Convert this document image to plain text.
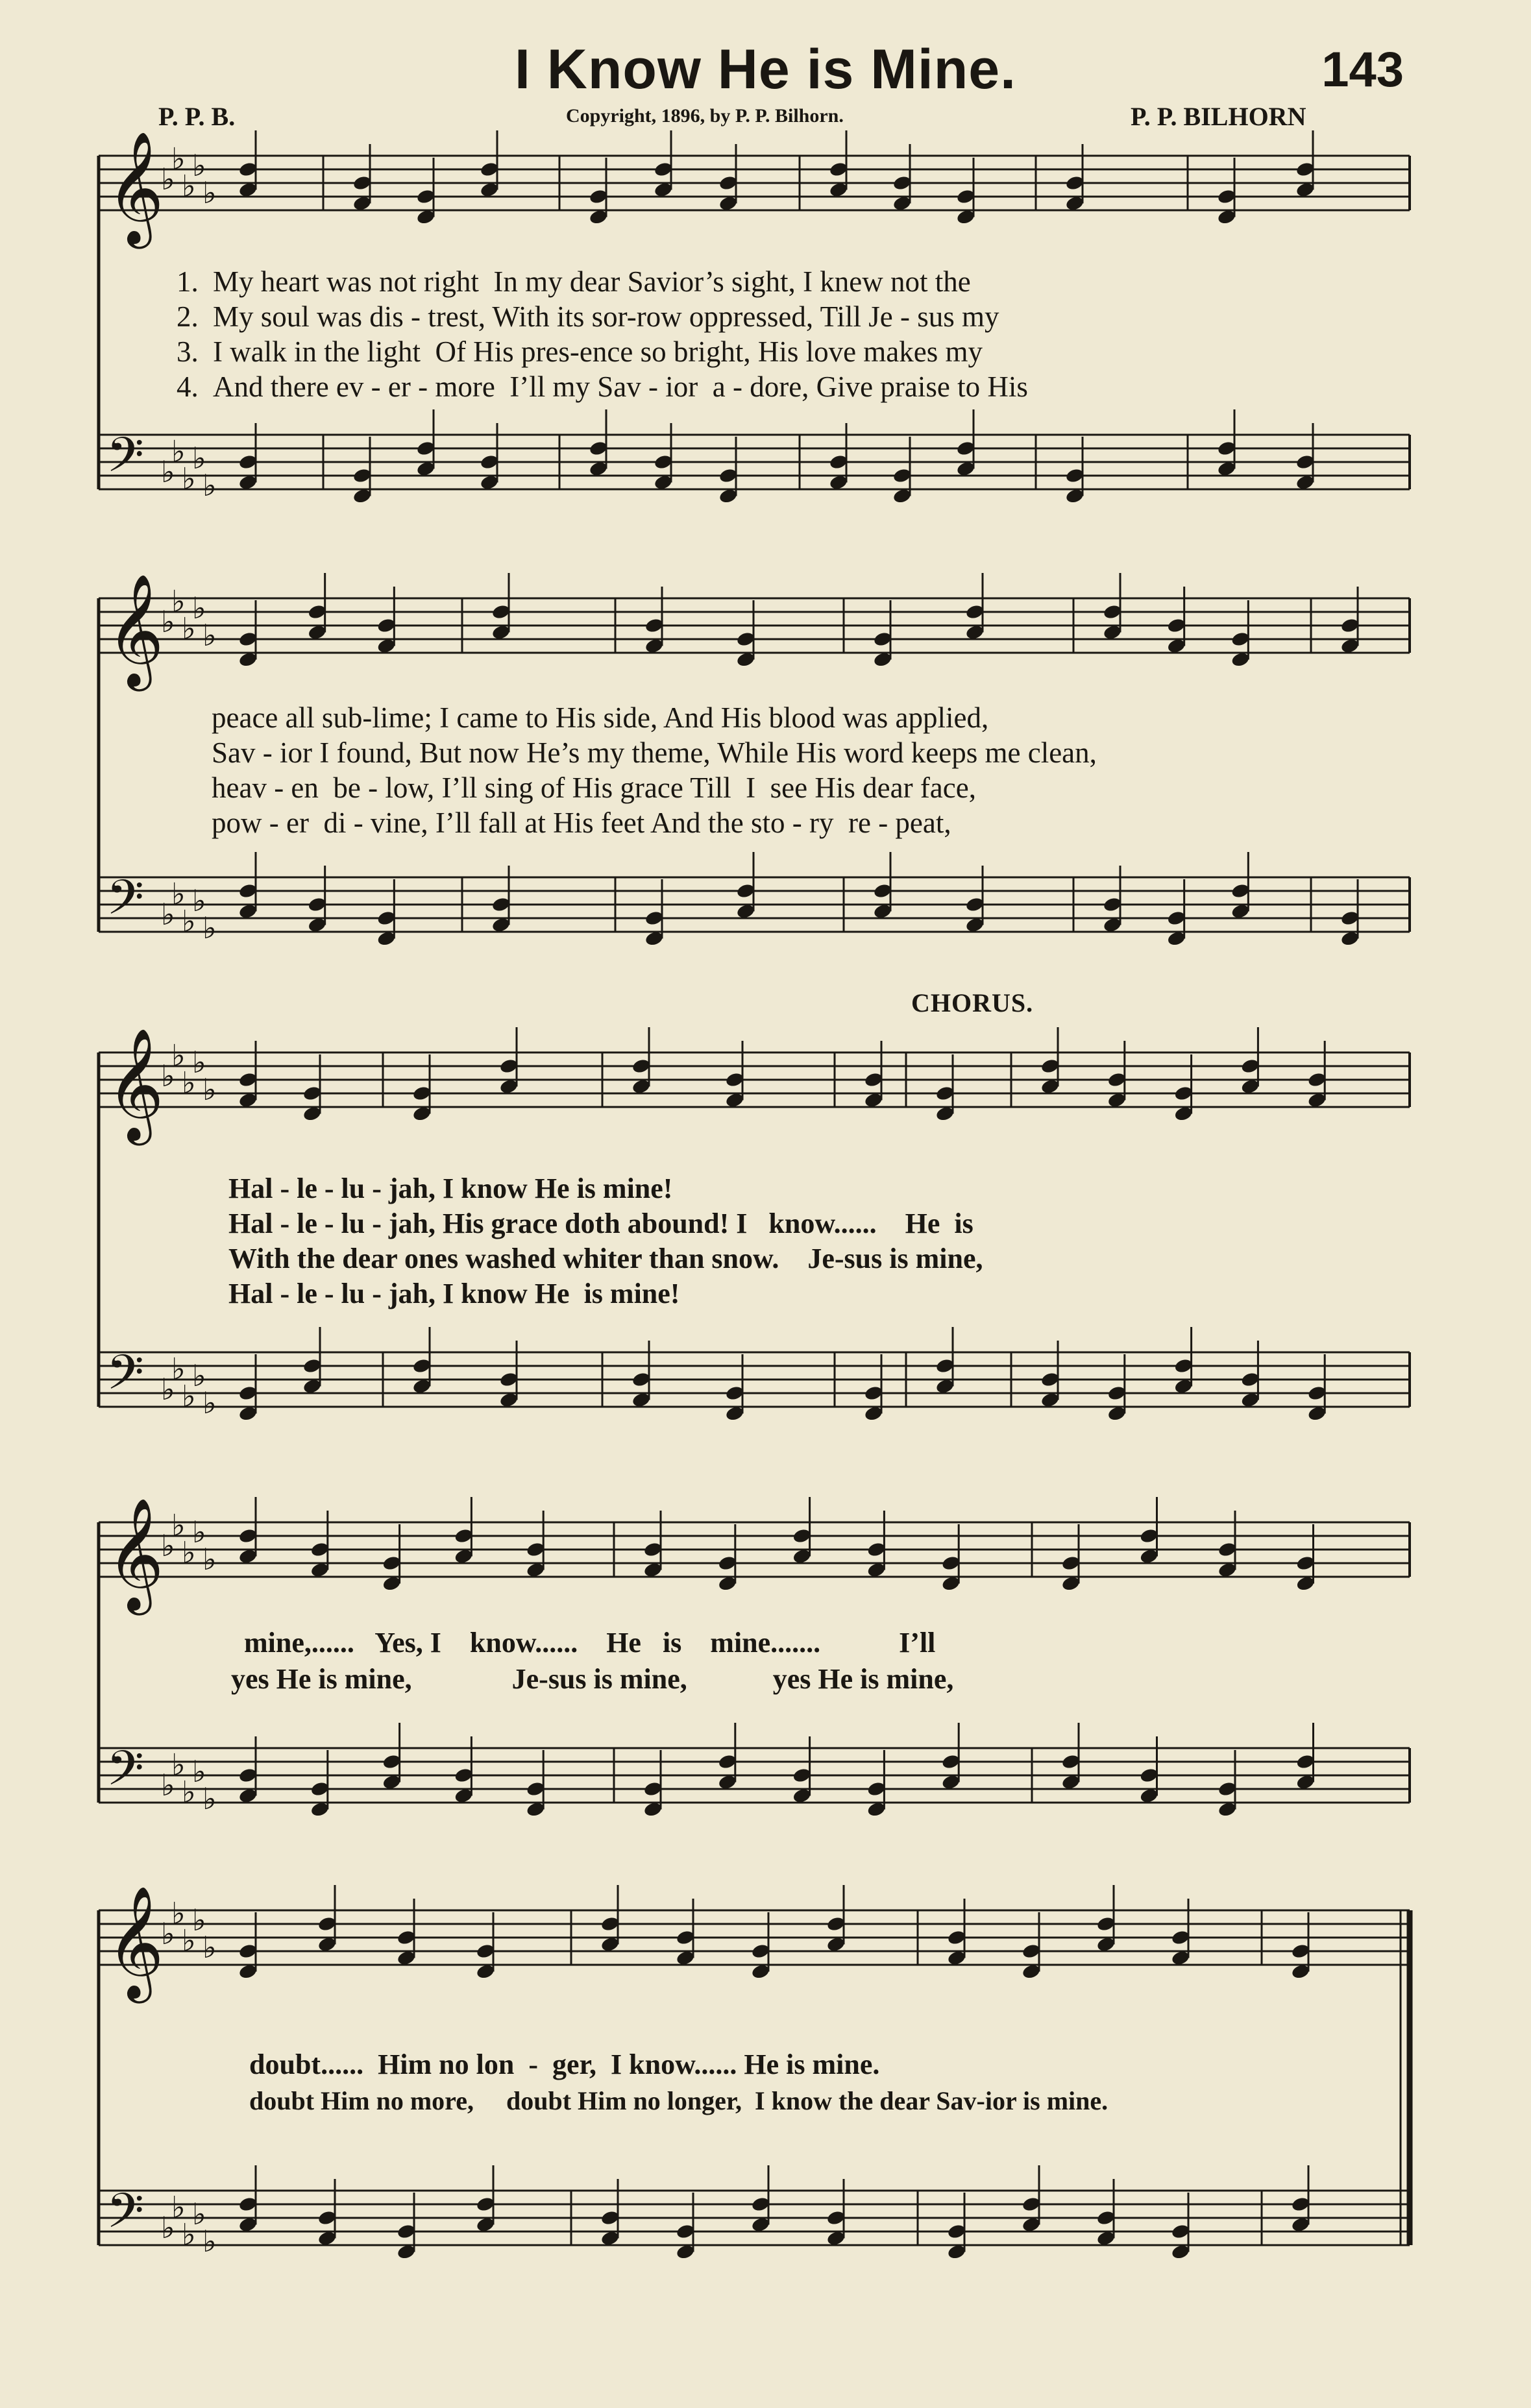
I Know He is Mine.	143
P. P. B.	Copyright, 1896, by P. P. Bilhorn.	P. P. BILHORN
CHORUS.
𝄞
♭
♭
♭
♭
♭
𝄢 ♭
♭
♭
♭
♭
𝄞
♭
♭
♭
♭
♭
𝄢 ♭
♭
♭
♭
♭
𝄞
♭
♭
♭
♭
♭
𝄢 ♭
♭
♭
♭
♭
𝄞
♭
♭
♭
♭
♭
𝄢 ♭
♭
♭
♭
♭
𝄞
♭
♭
♭
♭
♭
𝄢 ♭
♭
♭
♭
♭
1. My heart was not right  In my dear Savior’s sight, I knew not the
2. My soul was dis - trest, With its sor-row oppressed, Till Je - sus my
3. I walk in the light  Of His pres-ence so bright, His love makes my
4. And there ev - er - more  I’ll my Sav - ior  a - dore, Give praise to His
peace all sub-lime; I came to His side, And His blood was applied,
Sav - ior I found, But now He’s my theme, While His word keeps me clean,
heav - en  be - low, I’ll sing of His grace Till  I  see His dear face,
pow - er  di - vine, I’ll fall at His feet And the sto - ry  re - peat,
Hal - le - lu - jah, I know He is mine!
Hal - le - lu - jah, His grace doth abound! I   know......    He  is
With the dear ones washed whiter than snow.    Je-sus is mine,
Hal - le - lu - jah, I know He  is mine!
mine,......   Yes, I    know......    He   is    mine.......           I’ll
yes He is mine,              Je-sus is mine,            yes He is mine,
doubt......  Him no lon  -  ger,  I know...... He is mine.
doubt Him no more,     doubt Him no longer,  I know the dear Sav-ior is mine.
